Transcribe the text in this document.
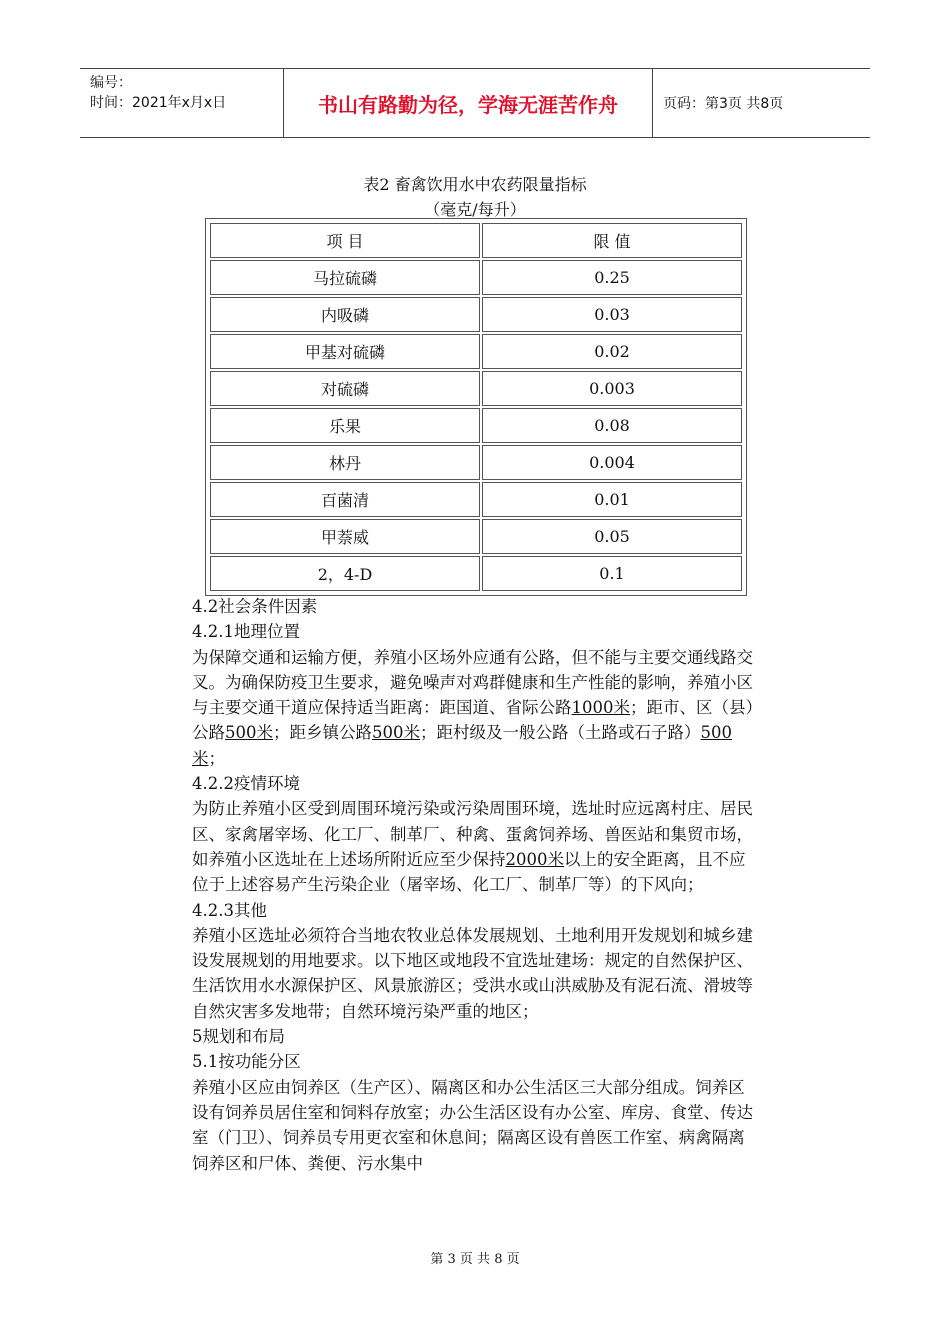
编号：
时间：2021年x月x日	书山有路勤为径，学海无涯苦作舟	页码：第3页 共8页
表2 畜禽饮用水中农药限量指标
（毫克/每升）
项 目	限 值
马拉硫磷	0.25
内吸磷	0.03
甲基对硫磷	0.02
对硫磷	0.003
乐果	0.08
林丹	0.004
百菌清	0.01
甲萘威	0.05
2，4-D	0.1

4.2社会条件因素

4.2.1地理位置

为保障交通和运输方便，养殖小区场外应通有公路，但不能与主要交通线路交叉。为确保防疫卫生要求，避免噪声对鸡群健康和生产性能的影响，养殖小区与主要交通干道应保持适当距离：距国道、省际公路1000米；距市、区（县）公路500米；距乡镇公路500米；距村级及一般公路（土路或石子路）500米；

4.2.2疫情环境

为防止养殖小区受到周围环境污染或污染周围环境，选址时应远离村庄、居民区、家禽屠宰场、化工厂、制革厂、种禽、蛋禽饲养场、兽医站和集贸市场，如养殖小区选址在上述场所附近应至少保持2000米以上的安全距离，且不应位于上述容易产生污染企业（屠宰场、化工厂、制革厂等）的下风向；

4.2.3其他

养殖小区选址必须符合当地农牧业总体发展规划、土地利用开发规划和城乡建设发展规划的用地要求。以下地区或地段不宜选址建场：规定的自然保护区、生活饮用水水源保护区、风景旅游区；受洪水或山洪威胁及有泥石流、滑坡等自然灾害多发地带；自然环境污染严重的地区；

5规划和布局

5.1按功能分区

养殖小区应由饲养区（生产区）、隔离区和办公生活区三大部分组成。饲养区设有饲养员居住室和饲料存放室；办公生活区设有办公室、库房、食堂、传达室（门卫）、饲养员专用更衣室和休息间；隔离区设有兽医工作室、病禽隔离饲养区和尸体、粪便、污水集中

第 3 页 共 8 页
